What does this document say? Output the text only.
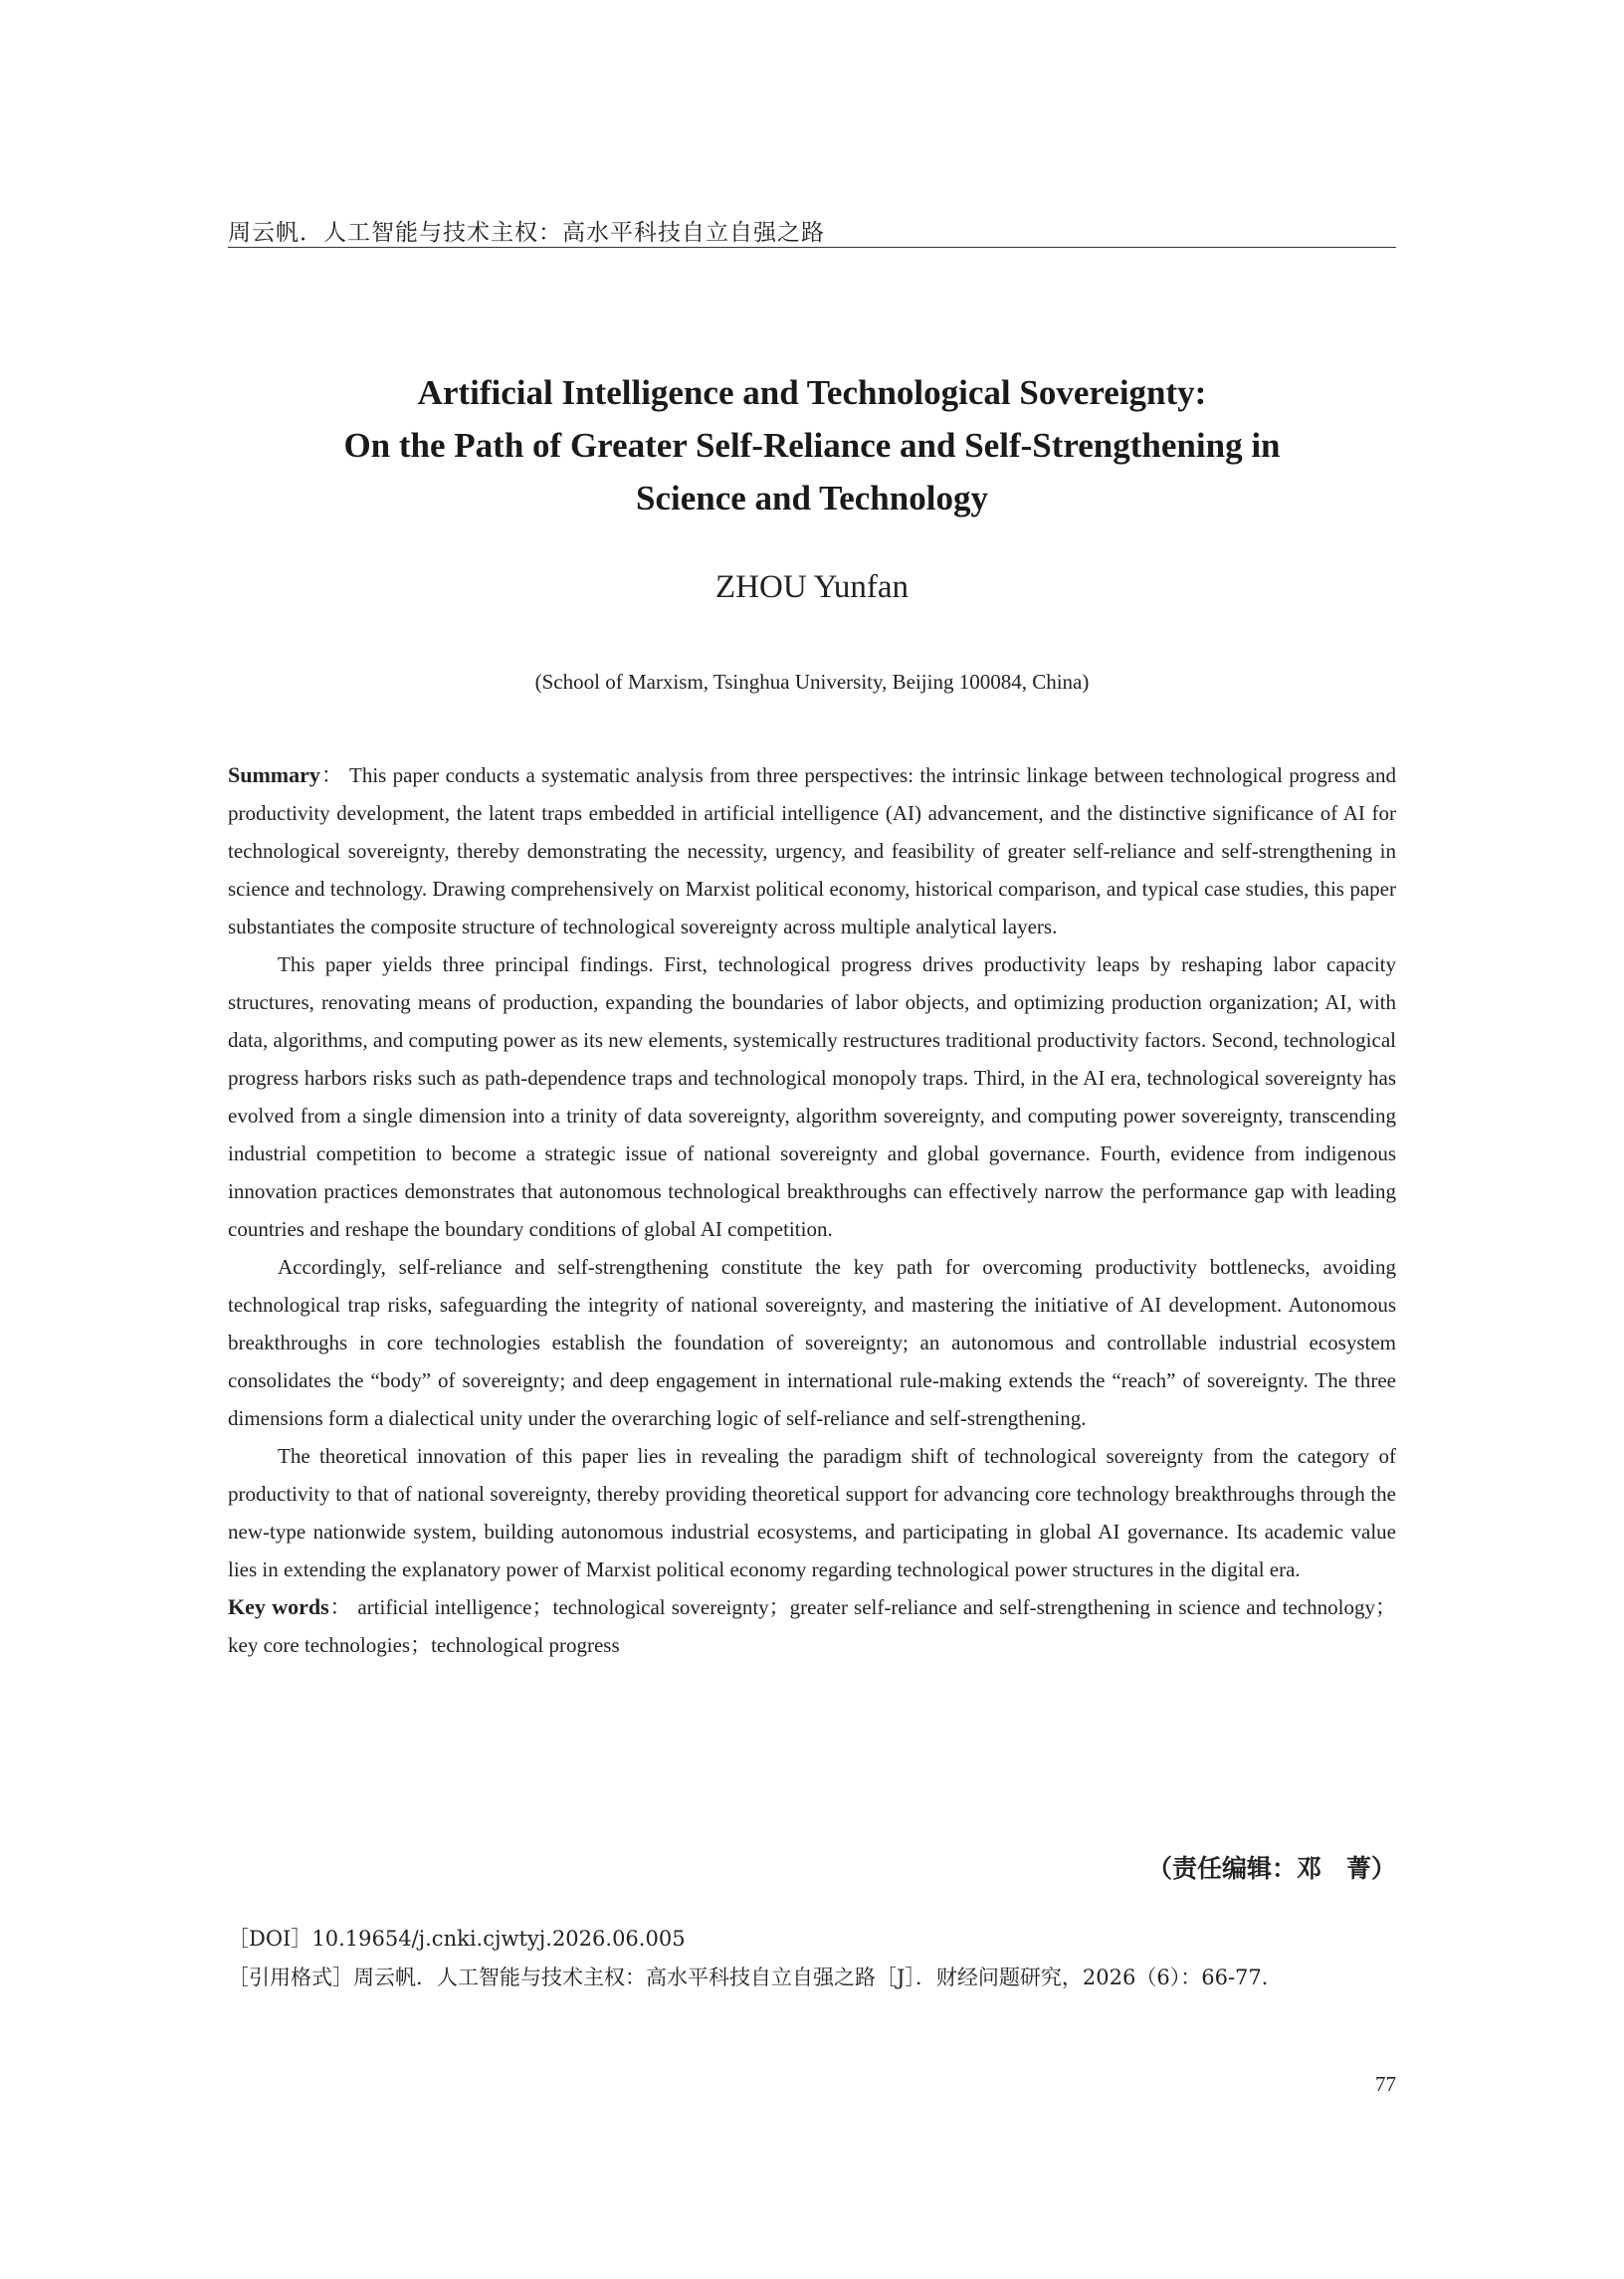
周云帆．人工智能与技术主权：高水平科技自立自强之路
Artificial Intelligence and Technological Sovereignty:
On the Path of Greater Self-Reliance and Self-Strengthening in
Science and Technology
ZHOU Yunfan
(School of Marxism, Tsinghua University, Beijing 100084, China)

Summary： This paper conducts a systematic analysis from three perspectives: the intrinsic linkage between technological progress and productivity development, the latent traps embedded in artificial intelligence (AI) advancement, and the distinctive significance of AI for technological sovereignty, thereby demonstrating the necessity, urgency, and feasibility of greater self-reliance and self-strengthening in science and technology. Drawing comprehensively on Marxist political economy, historical comparison, and typical case studies, this paper substantiates the composite structure of technological sovereignty across multiple analytical layers.

This paper yields three principal findings. First, technological progress drives productivity leaps by reshaping labor capacity structures, renovating means of production, expanding the boundaries of labor objects, and optimizing production organization; AI, with data, algorithms, and computing power as its new elements, systemically restructures traditional productivity factors. Second, technological progress harbors risks such as path-dependence traps and technological monopoly traps. Third, in the AI era, technological sovereignty has evolved from a single dimension into a trinity of data sovereignty, algorithm sovereignty, and computing power sovereignty, transcending industrial competition to become a strategic issue of national sovereignty and global governance. Fourth, evidence from indigenous innovation practices demonstrates that autonomous technological breakthroughs can effectively narrow the performance gap with leading countries and reshape the boundary conditions of global AI competition.

Accordingly, self-reliance and self-strengthening constitute the key path for overcoming productivity bottlenecks, avoiding technological trap risks, safeguarding the integrity of national sovereignty, and mastering the initiative of AI development. Autonomous breakthroughs in core technologies establish the foundation of sovereignty; an autonomous and controllable industrial ecosystem consolidates the “body” of sovereignty; and deep engagement in international rule-making extends the “reach” of sovereignty. The three dimensions form a dialectical unity under the overarching logic of self-reliance and self-strengthening.

The theoretical innovation of this paper lies in revealing the paradigm shift of technological sovereignty from the category of productivity to that of national sovereignty, thereby providing theoretical support for advancing core technology breakthroughs through the new-type nationwide system, building autonomous industrial ecosystems, and participating in global AI governance. Its academic value lies in extending the explanatory power of Marxist political economy regarding technological power structures in the digital era.

Key words： artificial intelligence；technological sovereignty；greater self-reliance and self-strengthening in science and technology；key core technologies；technological progress

（责任编辑：邓　菁）
［DOI］10.19654/j.cnki.cjwtyj.2026.06.005
［引用格式］周云帆．人工智能与技术主权：高水平科技自立自强之路［J］．财经问题研究，2026（6）：66-77．
77
